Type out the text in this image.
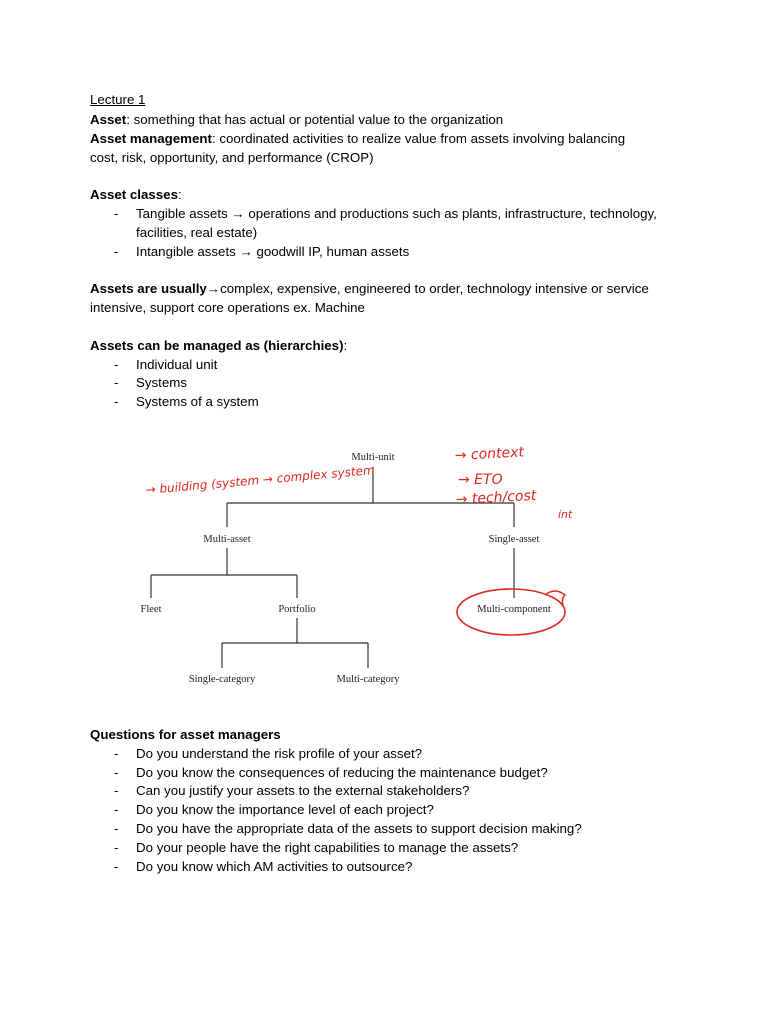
Lecture 1
Asset: something that has actual or potential value to the organization
Asset management: coordinated activities to realize value from assets involving balancing
cost, risk, opportunity, and performance (CROP)
Asset classes:
- Tangible assets → operations and productions such as plants, infrastructure, technology,
facilities, real estate)
- Intangible assets → goodwill IP, human assets
Assets are usually→complex, expensive, engineered to order, technology intensive or service
intensive, support core operations ex. Machine
Assets can be managed as (hierarchies):
- Individual unit
- Systems
- Systems of a system
Multi-unit
Multi-asset	Single-asset
Fleet	Portfolio	Multi-component
Single-category	Multi-category
→ building (system → complex system
→ context
→ ETO
→ tech/cost
int
Questions for asset managers
- Do you understand the risk profile of your asset?
- Do you know the consequences of reducing the maintenance budget?
- Can you justify your assets to the external stakeholders?
- Do you know the importance level of each project?
- Do you have the appropriate data of the assets to support decision making?
- Do your people have the right capabilities to manage the assets?
- Do you know which AM activities to outsource?
